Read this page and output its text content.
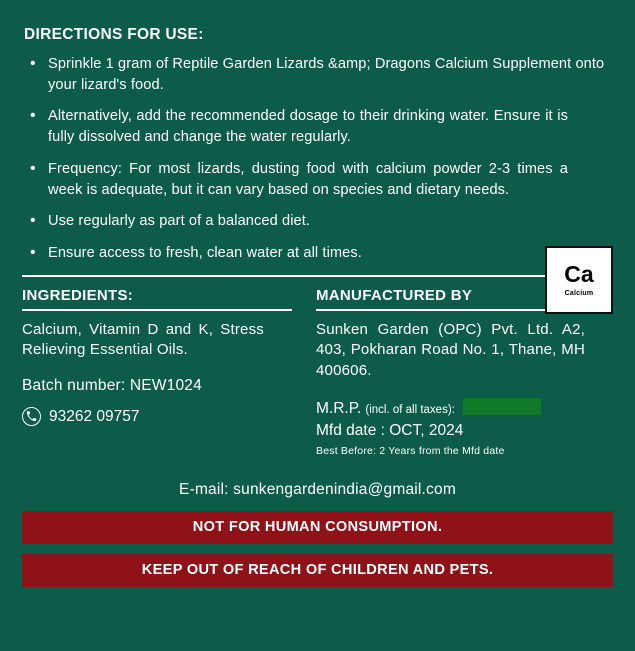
DIRECTIONS FOR USE:
• Sprinkle 1 gram of Reptile Garden Lizards &amp; Dragons Calcium Supplement onto your lizard's food.
• Alternatively, add the recommended dosage to their drinking water. Ensure it is fully dissolved and change the water regularly.
• Frequency: For most lizards, dusting food with calcium powder 2-3 times a week is adequate, but it can vary based on species and dietary needs.
• Use regularly as part of a balanced diet.
• Ensure access to fresh, clean water at all times.
Ca
Calcium
INGREDIENTS:
Calcium, Vitamin D and K, Stress Relieving Essential Oils.
Batch number: NEW1024
93262 09757
MANUFACTURED BY
Sunken Garden (OPC) Pvt. Ltd. A2, 403, Pokharan Road No. 1, Thane, MH 400606.
M.R.P. (incl. of all taxes):
Mfd date : OCT, 2024
Best Before: 2 Years from the Mfd date
E-mail: sunkengardenindia@gmail.com
NOT FOR HUMAN CONSUMPTION.
KEEP OUT OF REACH OF CHILDREN AND PETS.
